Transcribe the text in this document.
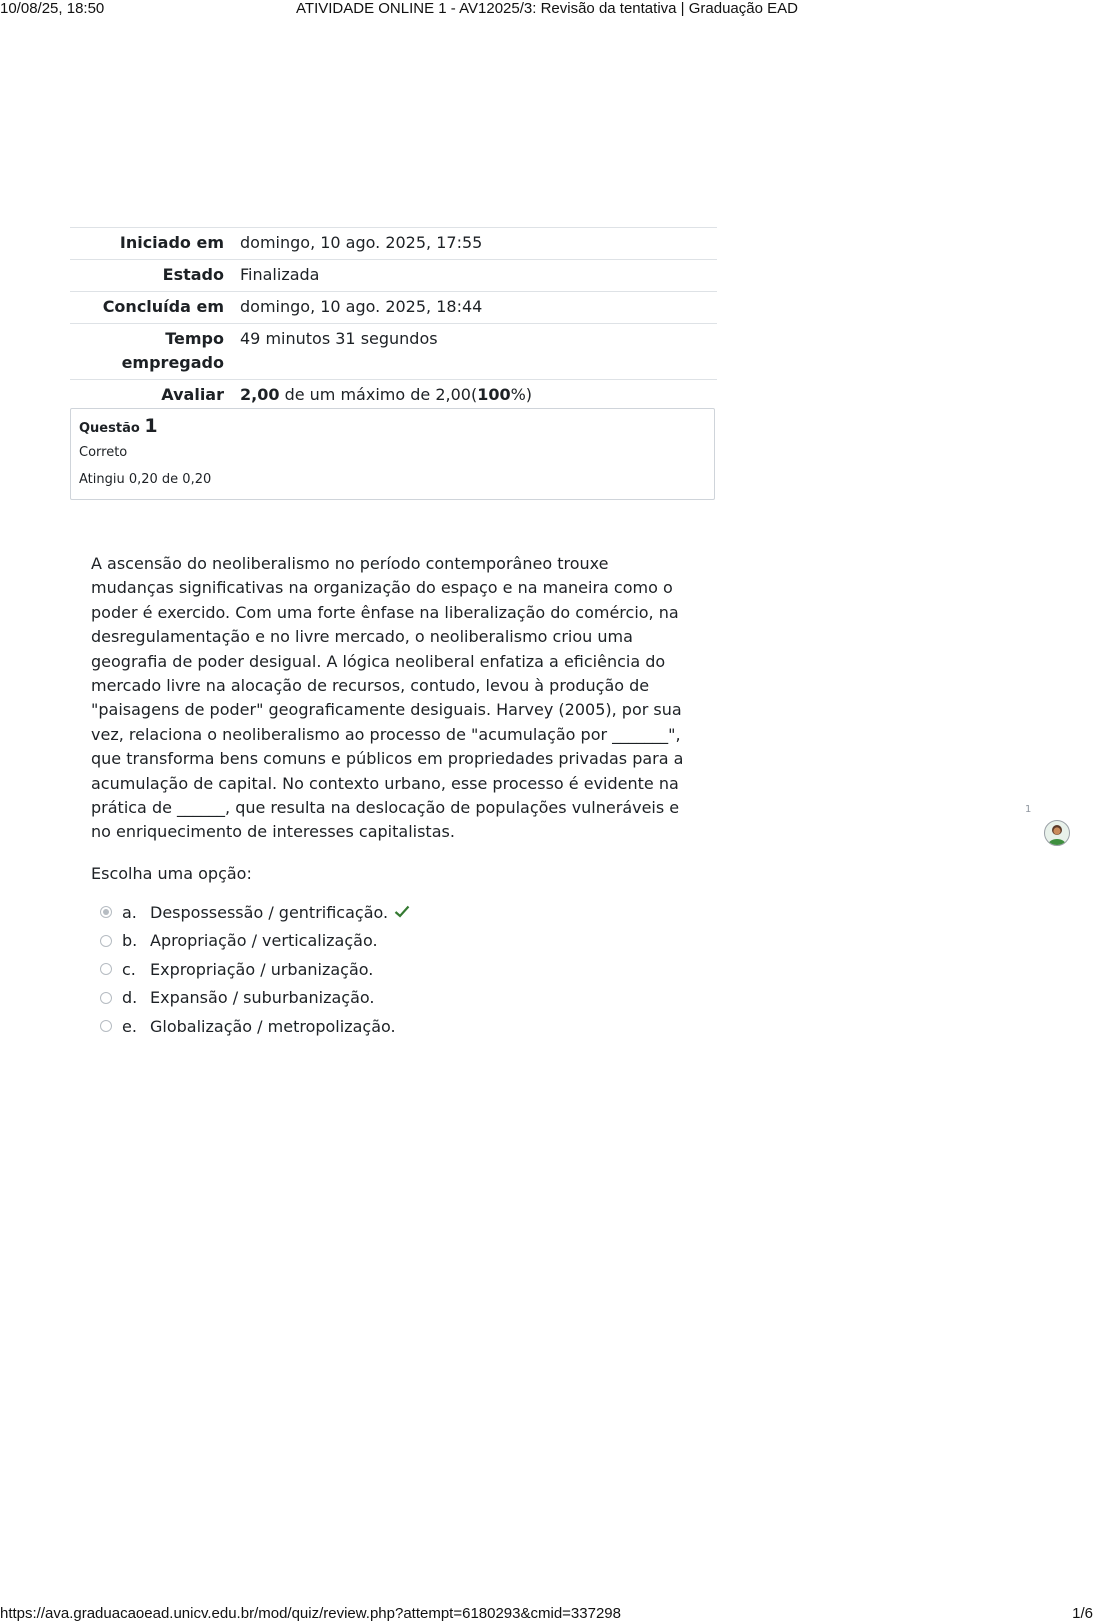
10/08/25, 18:50	ATIVIDADE ONLINE 1 - AV12025/3: Revisão da tentativa | Graduação EAD
Iniciado em	domingo, 10 ago. 2025, 17:55
Estado	Finalizada
Concluída em	domingo, 10 ago. 2025, 18:44
Tempo empregado	49 minutos 31 segundos
Avaliar	2,00 de um máximo de 2,00(100%)
Questão 1
Correto
Atingiu 0,20 de 0,20
A ascensão do neoliberalismo no período contemporâneo trouxe mudanças significativas na organização do espaço e na maneira como o poder é exercido. Com uma forte ênfase na liberalização do comércio, na desregulamentação e no livre mercado, o neoliberalismo criou uma geografia de poder desigual. A lógica neoliberal enfatiza a eficiência do mercado livre na alocação de recursos, contudo, levou à produção de "paisagens de poder" geograficamente desiguais. Harvey (2005), por sua vez, relaciona o neoliberalismo ao processo de "acumulação por _______", que transforma bens comuns e públicos em propriedades privadas para a acumulação de capital. No contexto urbano, esse processo é evidente na prática de ______, que resulta na deslocação de populações vulneráveis e no enriquecimento de interesses capitalistas.
Escolha uma opção:
a. Despossessão / gentrificação.
b. Apropriação / verticalização.
c. Expropriação / urbanização.
d. Expansão / suburbanização.
e. Globalização / metropolização.
1
https://ava.graduacaoead.unicv.edu.br/mod/quiz/review.php?attempt=6180293&cmid=337298	1/6
